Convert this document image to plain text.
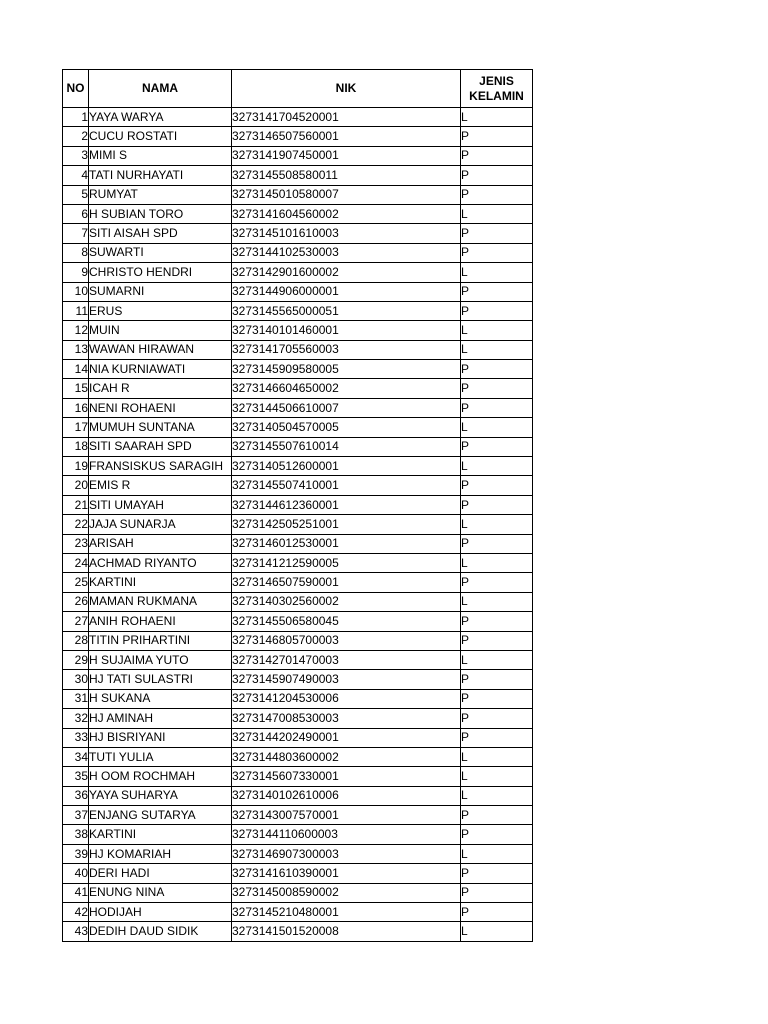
NO	NAMA	NIK	JENIS
KELAMIN
1	YAYA WARYA	3273141704520001	L
2	CUCU ROSTATI	3273146507560001	P
3	MIMI S	3273141907450001	P
4	TATI NURHAYATI	3273145508580011	P
5	RUMYAT	3273145010580007	P
6	H SUBIAN TORO	3273141604560002	L
7	SITI AISAH SPD	3273145101610003	P
8	SUWARTI	3273144102530003	P
9	CHRISTO HENDRI	3273142901600002	L
10	SUMARNI	3273144906000001	P
11	ERUS	3273145565000051	P
12	MUIN	3273140101460001	L
13	WAWAN HIRAWAN	3273141705560003	L
14	NIA KURNIAWATI	3273145909580005	P
15	ICAH R	3273146604650002	P
16	NENI ROHAENI	3273144506610007	P
17	MUMUH SUNTANA	3273140504570005	L
18	SITI SAARAH SPD	3273145507610014	P
19	FRANSISKUS SARAGIH	3273140512600001	L
20	EMIS R	3273145507410001	P
21	SITI UMAYAH	3273144612360001	P
22	JAJA SUNARJA	3273142505251001	L
23	ARISAH	3273146012530001	P
24	ACHMAD RIYANTO	3273141212590005	L
25	KARTINI	3273146507590001	P
26	MAMAN RUKMANA	3273140302560002	L
27	ANIH ROHAENI	3273145506580045	P
28	TITIN PRIHARTINI	3273146805700003	P
29	H SUJAIMA YUTO	3273142701470003	L
30	HJ TATI SULASTRI	3273145907490003	P
31	H SUKANA	3273141204530006	P
32	HJ AMINAH	3273147008530003	P
33	HJ BISRIYANI	3273144202490001	P
34	TUTI YULIA	3273144803600002	L
35	H OOM ROCHMAH	3273145607330001	L
36	YAYA SUHARYA	3273140102610006	L
37	ENJANG SUTARYA	3273143007570001	P
38	KARTINI	3273144110600003	P
39	HJ KOMARIAH	3273146907300003	L
40	DERI HADI	3273141610390001	P
41	ENUNG NINA	3273145008590002	P
42	HODIJAH	3273145210480001	P
43	DEDIH DAUD SIDIK	3273141501520008	L
